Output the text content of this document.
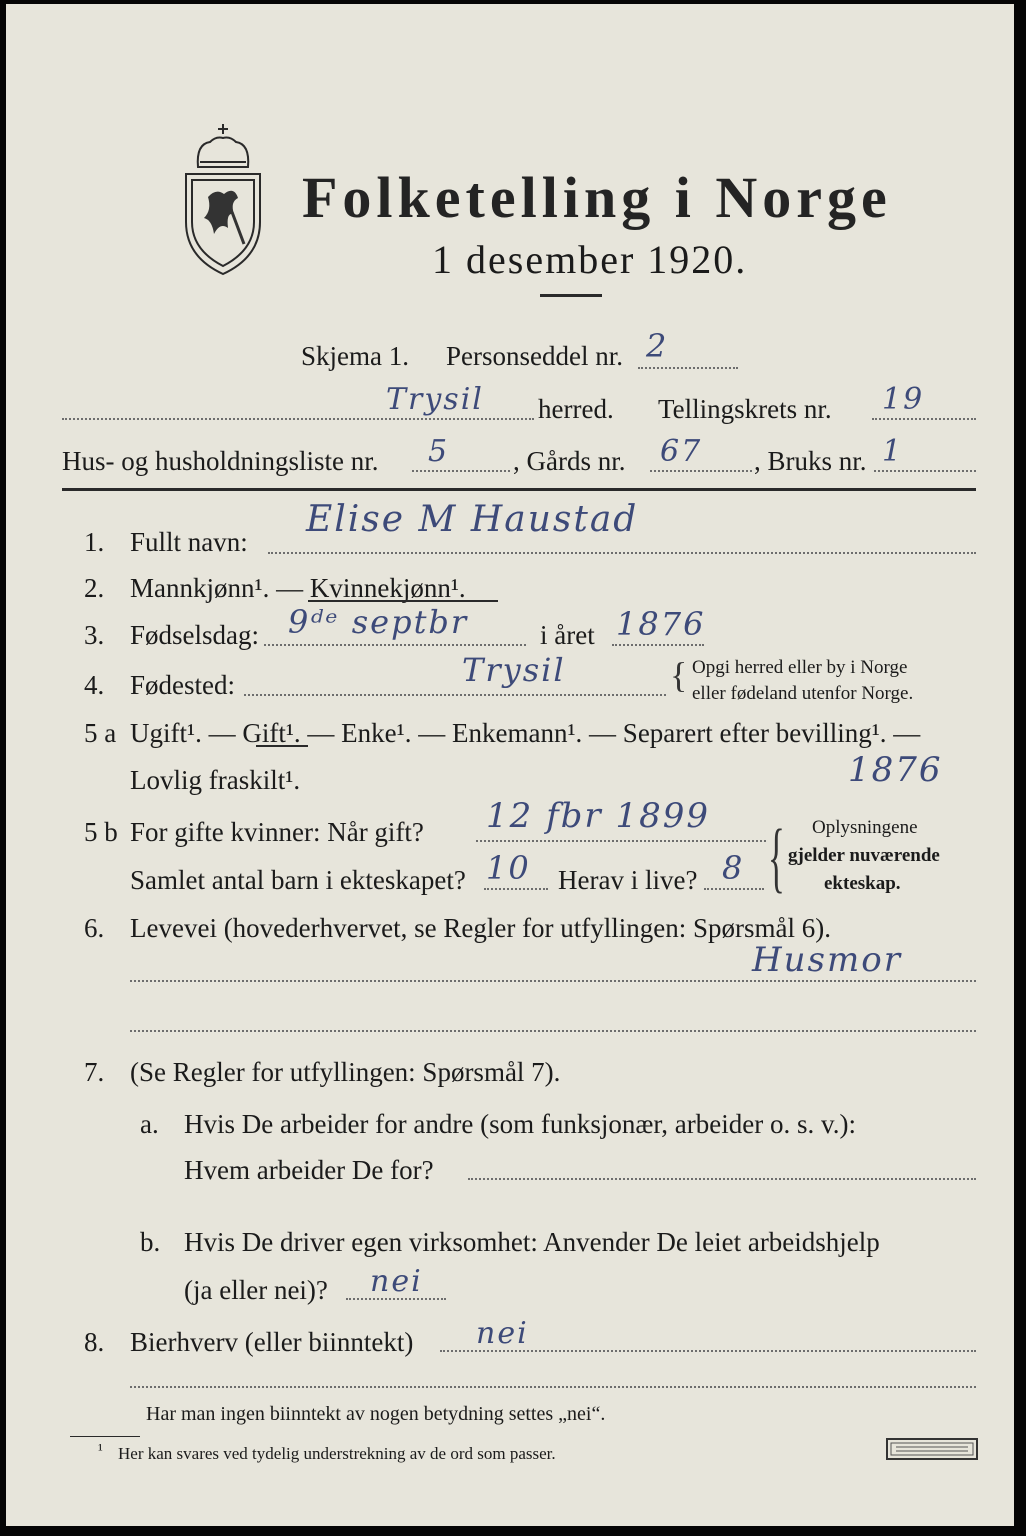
Folketelling i Norge
1 desember 1920.
Skjema 1. Personseddel nr. 2
Trysil herred. Tellingskrets nr. 19
Hus- og husholdningsliste nr. 5 , Gårds nr. 67 , Bruks nr. 1
1. Fullt navn:
Elise M Haustad
2. Mannkjønn¹. — Kvinnekjønn¹.
3. Fødselsdag: 9ᵈᵉ septbr	i året 1876
4. Fødested:	Trysil	{ Opgi herred eller by i Norge
eller fødeland utenfor Norge.
5 a Ugift¹. — Gift¹. — Enke¹. — Enkemann¹. — Separert efter bevilling¹. —
Lovlig fraskilt¹.	1876
5 b For gifte kvinner: Når gift? 12 fbr 1899
Samlet antal barn i ekteskapet? 10 Herav i live? 8 { Oplysningene
gjelder nuværende
ekteskap.
6. Levevei (hovederhvervet, se Regler for utfyllingen: Spørsmål 6).
Husmor
7. (Se Regler for utfyllingen: Spørsmål 7).
a. Hvis De arbeider for andre (som funksjonær, arbeider o. s. v.):
Hvem arbeider De for?
b. Hvis De driver egen virksomhet: Anvender De leiet arbeidshjelp
(ja eller nei)? nei
8. Bierhverv (eller biinntekt) nei
Har man ingen biinntekt av nogen betydning settes „nei“.
¹ Her kan svares ved tydelig understrekning av de ord som passer.
